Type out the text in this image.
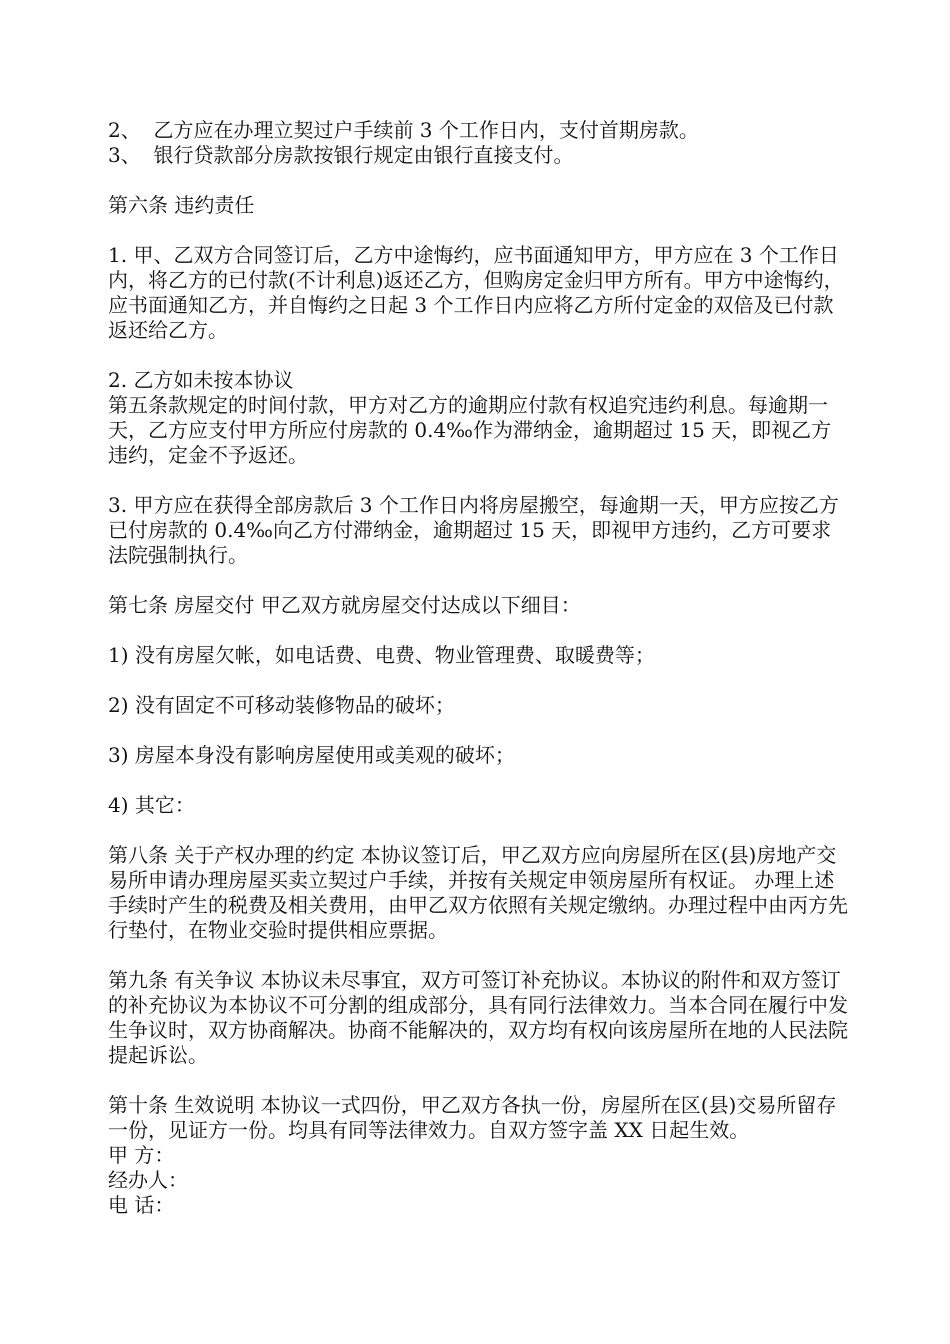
2、  乙方应在办理立契过户手续前 3 个工作日内，支付首期房款。

3、  银行贷款部分房款按银行规定由银行直接支付。

第六条 违约责任

1. 甲、乙双方合同签订后，乙方中途悔约，应书面通知甲方，甲方应在 3 个工作日内，将乙方的已付款(不计利息)返还乙方，但购房定金归甲方所有。甲方中途悔约，应书面通知乙方，并自悔约之日起 3 个工作日内应将乙方所付定金的双倍及已付款返还给乙方。

2. 乙方如未按本协议

第五条款规定的时间付款，甲方对乙方的逾期应付款有权追究违约利息。每逾期一天，乙方应支付甲方所应付房款的 0.4‰作为滞纳金，逾期超过 15 天，即视乙方违约，定金不予返还。

3. 甲方应在获得全部房款后 3 个工作日内将房屋搬空，每逾期一天，甲方应按乙方已付房款的 0.4‰向乙方付滞纳金，逾期超过 15 天，即视甲方违约，乙方可要求法院强制执行。

第七条 房屋交付 甲乙双方就房屋交付达成以下细目：

1) 没有房屋欠帐，如电话费、电费、物业管理费、取暖费等；

2) 没有固定不可移动装修物品的破坏；

3) 房屋本身没有影响房屋使用或美观的破坏；

4) 其它：

第八条 关于产权办理的约定 本协议签订后，甲乙双方应向房屋所在区(县)房地产交易所申请办理房屋买卖立契过户手续，并按有关规定申领房屋所有权证。 办理上述手续时产生的税费及相关费用，由甲乙双方依照有关规定缴纳。办理过程中由丙方先行垫付，在物业交验时提供相应票据。

第九条 有关争议 本协议未尽事宜，双方可签订补充协议。本协议的附件和双方签订的补充协议为本协议不可分割的组成部分，具有同行法律效力。当本合同在履行中发生争议时，双方协商解决。协商不能解决的，双方均有权向该房屋所在地的人民法院提起诉讼。

第十条 生效说明 本协议一式四份，甲乙双方各执一份，房屋所在区(县)交易所留存一份，见证方一份。均具有同等法律效力。自双方签字盖 XX 日起生效。

甲 方：

经办人：

电 话：
